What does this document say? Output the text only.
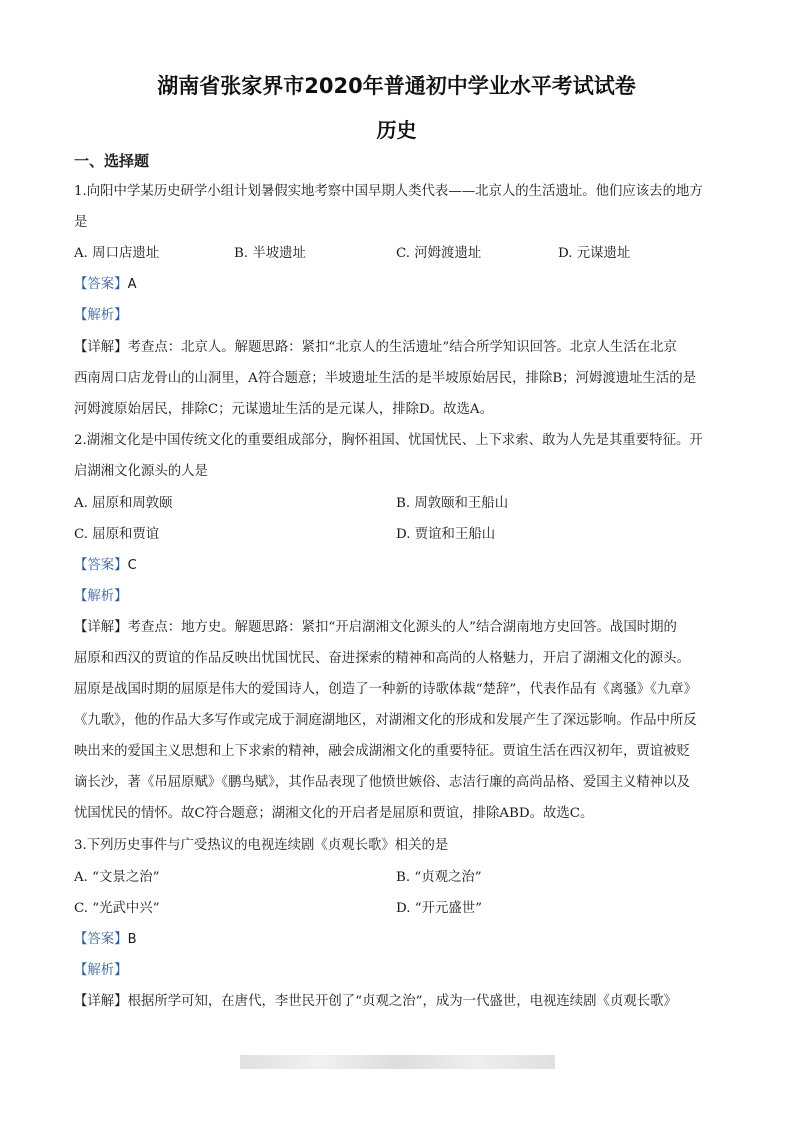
湖南省张家界市2020年普通初中学业水平考试试卷
历史
一、选择题
1.向阳中学某历史研学小组计划暑假实地考察中国早期人类代表——北京人的生活遗址。他们应该去的地方
是
A. 周口店遗址	B. 半坡遗址	C. 河姆渡遗址	D. 元谋遗址
【答案】A
【解析】
【详解】考查点：北京人。解题思路：紧扣“北京人的生活遗址”结合所学知识回答。北京人生活在北京
西南周口店龙骨山的山洞里，A符合题意；半坡遗址生活的是半坡原始居民，排除B；河姆渡遗址生活的是
河姆渡原始居民，排除C；元谋遗址生活的是元谋人，排除D。故选A。
2.湖湘文化是中国传统文化的重要组成部分，胸怀祖国、忧国忧民、上下求索、敢为人先是其重要特征。开
启湖湘文化源头的人是
A. 屈原和周敦颐	B. 周敦颐和王船山
C. 屈原和贾谊	D. 贾谊和王船山
【答案】C
【解析】
【详解】考查点：地方史。解题思路：紧扣“开启湖湘文化源头的人”结合湖南地方史回答。战国时期的
屈原和西汉的贾谊的作品反映出忧国忧民、奋进探索的精神和高尚的人格魅力，开启了湖湘文化的源头。
屈原是战国时期的屈原是伟大的爱国诗人，创造了一种新的诗歌体裁“楚辞”，代表作品有《离骚》《九章》
《九歌》，他的作品大多写作或完成于洞庭湖地区，对湖湘文化的形成和发展产生了深远影响。作品中所反
映出来的爱国主义思想和上下求索的精神，融会成湖湘文化的重要特征。贾谊生活在西汉初年，贾谊被贬
谪长沙，著《吊屈原赋》《鹏鸟赋》，其作品表现了他愤世嫉俗、志洁行廉的高尚品格、爱国主义精神以及
忧国忧民的情怀。故C符合题意；湖湘文化的开启者是屈原和贾谊，排除ABD。故选C。
3.下列历史事件与广受热议的电视连续剧《贞观长歌》相关的是
A. “文景之治”	B. “贞观之治”
C. “光武中兴”	D. “开元盛世”
【答案】B
【解析】
【详解】根据所学可知，在唐代，李世民开创了“贞观之治”，成为一代盛世，电视连续剧《贞观长歌》
